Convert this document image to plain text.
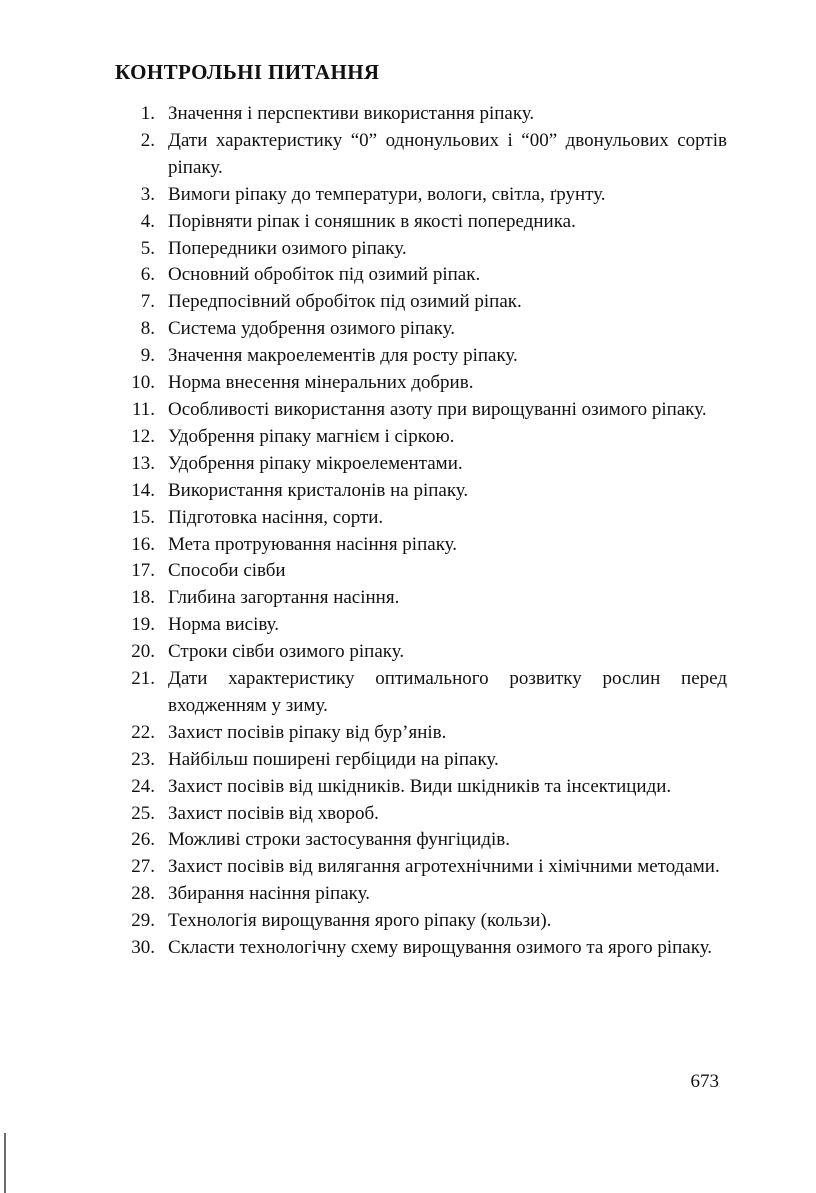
КОНТРОЛЬНІ ПИТАННЯ
1. Значення і перспективи використання ріпаку.
2. Дати характеристику “0” однонульових і “00” двонульових сортів ріпаку.
3. Вимоги ріпаку до температури, вологи, світла, ґрунту.
4. Порівняти ріпак і соняшник в якості попередника.
5. Попередники озимого ріпаку.
6. Основний обробіток під озимий ріпак.
7. Передпосівний обробіток під озимий ріпак.
8. Система удобрення озимого ріпаку.
9. Значення макроелементів для росту ріпаку.
10. Норма внесення мінеральних добрив.
11. Особливості використання азоту при вирощуванні озимого ріпаку.
12. Удобрення ріпаку магнієм і сіркою.
13. Удобрення ріпаку мікроелементами.
14. Використання кристалонів на ріпаку.
15. Підготовка насіння, сорти.
16. Мета протруювання насіння ріпаку.
17. Способи сівби
18. Глибина загортання насіння.
19. Норма висіву.
20. Строки сівби озимого ріпаку.
21. Дати характеристику оптимального розвитку рослин перед входженням у зиму.
22. Захист посівів ріпаку від бур’янів.
23. Найбільш поширені гербіциди на ріпаку.
24. Захист посівів від шкідників. Види шкідників та інсектициди.
25. Захист посівів від хвороб.
26. Можливі строки застосування фунгіцидів.
27. Захист посівів від вилягання агротехнічними і хімічними методами.
28. Збирання насіння ріпаку.
29. Технологія вирощування ярого ріпаку (кользи).
30. Скласти технологічну схему вирощування озимого та ярого ріпаку.
673
